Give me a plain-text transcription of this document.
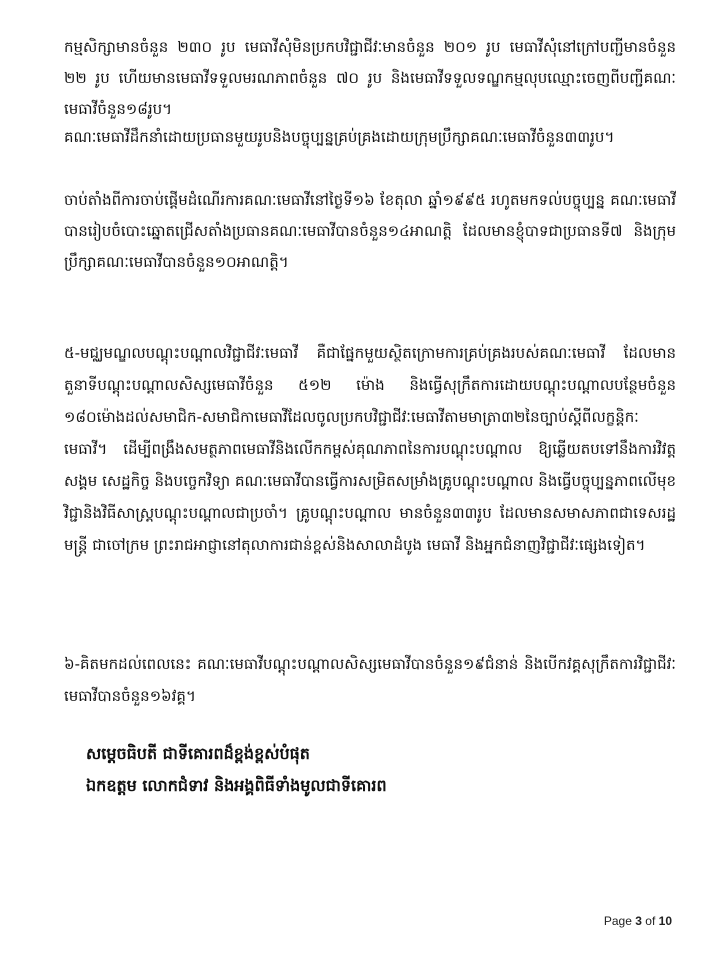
កម្មសិក្សាមានចំនួន ២៣០ រូប មេធាវីសុំមិនប្រកបវិជ្ជាជីវៈមានចំនួន ២០១ រូប មេធាវីសុំនៅក្រៅបញ្ជីមានចំនួន ២២ រូប ហើយមានមេធាវីទទួលមរណភាពចំនួន ៧០ រូប និងមេធាវីទទួលទណ្ឌកម្មលុបឈ្មោះចេញពីបញ្ជីគណៈមេធាវីចំនួន១៨រូប។
គណៈមេធាវីដឹកនាំដោយប្រធានមួយរូបនិងបច្ចុប្បន្នគ្រប់គ្រងដោយក្រុមប្រឹក្សាគណៈមេធាវីចំនួន៣៣រូប។
ចាប់តាំងពីការចាប់ផ្តើមដំណើរការគណៈមេធាវីនៅថ្ងៃទី១៦ ខែតុលា ឆ្នាំ១៩៩៥ រហូតមកទល់បច្ចុប្បន្ន គណៈមេធាវីបានរៀបចំបោះឆ្នោតជ្រើសតាំងប្រធានគណៈមេធាវីបានចំនួន១៤អាណត្តិ ដែលមានខ្ញុំបាទជាប្រធានទី៧ និងក្រុមប្រឹក្សាគណៈមេធាវីបានចំនួន១០អាណត្តិ។
៥-មជ្ឈមណ្ឌលបណ្តុះបណ្តាលវិជ្ជាជីវៈមេធាវី គឺជាផ្នែកមួយស្ថិតក្រោមការគ្រប់គ្រងរបស់គណៈមេធាវី ដែលមានតួនាទីបណ្តុះបណ្តាលសិស្សមេធាវីចំនួន ៥១២ ម៉ោង និងធ្វើសុក្រឹតការដោយបណ្តុះបណ្តាលបន្ថែមចំនួន ១៨០ម៉ោងដល់សមាជិក-សមាជិកាមេធាវីដែលចូលប្រកបវិជ្ជាជីវៈមេធាវីតាមមាត្រា៣២នៃច្បាប់ស្តីពីលក្ខន្តិកៈមេធាវី។ ដើម្បីពង្រឹងសមត្ថភាពមេធាវីនិងលើកកម្ពស់គុណភាពនៃការបណ្តុះបណ្តាល ឱ្យឆ្លើយតបទៅនឹងការវិវត្តសង្គម សេដ្ឋកិច្ច និងបច្ចេកវិទ្យា គណៈមេធាវីបានធ្វើការសម្រិតសម្រាំងគ្រូបណ្តុះបណ្តាល និងធ្វើបច្ចុប្បន្នភាពលើមុខវិជ្ជានិងវិធីសាស្ត្របណ្តុះបណ្តាលជាប្រចាំ។ គ្រូបណ្តុះបណ្តាល មានចំនួន៣៣រូប ដែលមានសមាសភាពជាទេសរដ្ឋមន្ត្រី ជាចៅក្រម ព្រះរាជអាជ្ញានៅតុលាការជាន់ខ្ពស់និងសាលាដំបូង មេធាវី និងអ្នកជំនាញវិជ្ជាជីវៈផ្សេងទៀត។
៦-គិតមកដល់ពេលនេះ គណៈមេធាវីបណ្តុះបណ្តាលសិស្សមេធាវីបានចំនួន១៩ជំនាន់ និងបើកវគ្គសុក្រឹតការវិជ្ជាជីវៈមេធាវីបានចំនួន១៦វគ្គ។
សម្តេចធិបតី ជាទីគោរពដ៏ខ្ពង់ខ្ពស់បំផុត
ឯកឧត្តម លោកជំទាវ និងអង្គពិធីទាំងមូលជាទីគោរព
Page 3 of 10
